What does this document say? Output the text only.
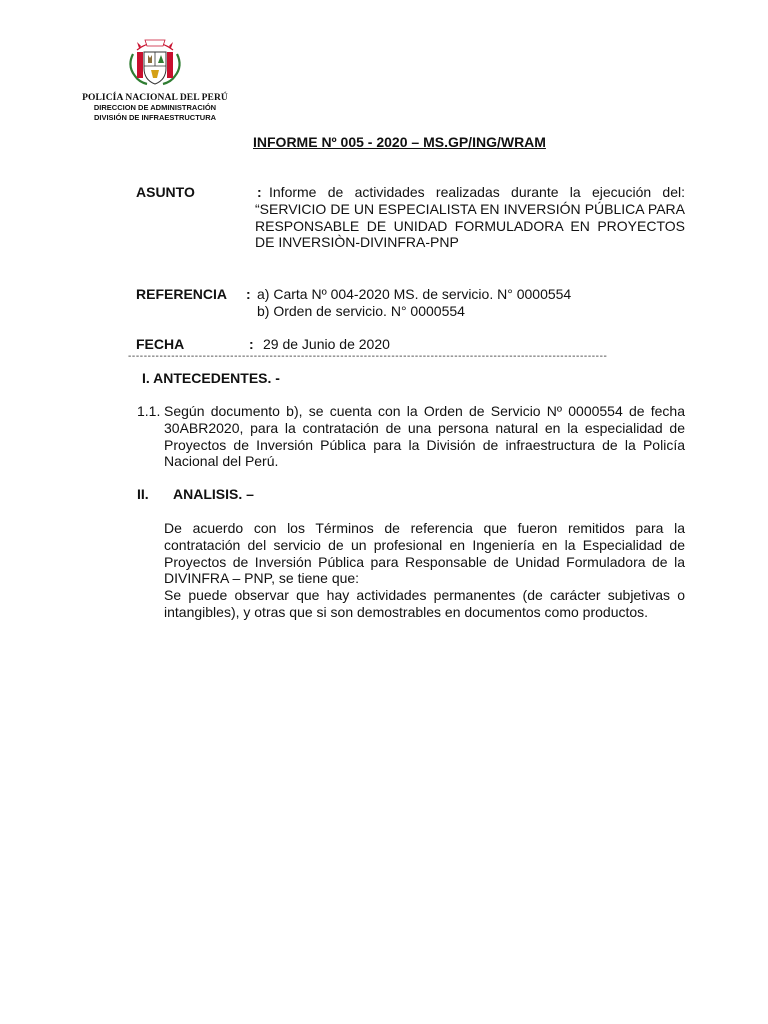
POLICÍA NACIONAL DEL PERÚ
DIRECCION DE ADMINISTRACIÓN
DIVISIÓN DE INFRAESTRUCTURA
INFORME Nº 005 - 2020 – MS.GP/ING/WRAM
ASUNTO	: Informe de actividades realizadas durante la ejecución del: “SERVICIO DE UN ESPECIALISTA EN INVERSIÓN PÚBLICA PARA RESPONSABLE DE UNIDAD FORMULADORA EN PROYECTOS DE INVERSIÒN-DIVINFRA-PNP
REFERENCIA : a) Carta Nº 004-2020 MS. de servicio. N° 0000554
b) Orden de servicio. N° 0000554
FECHA	: 29 de Junio de 2020
--------------------------------------------------------------------------------------------------------------------------
I. ANTECEDENTES. -
1.1. Según documento b), se cuenta con la Orden de Servicio Nº 0000554 de fecha 30ABR2020, para la contratación de una persona natural en la especialidad de Proyectos de Inversión Pública para la División de infraestructura de la Policía Nacional del Perú.
II. ANALISIS. –
De acuerdo con los Términos de referencia que fueron remitidos para la contratación del servicio de un profesional en Ingeniería en la Especialidad de Proyectos de Inversión Pública para Responsable de Unidad Formuladora de la DIVINFRA – PNP, se tiene que:
Se puede observar que hay actividades permanentes (de carácter subjetivas o intangibles), y otras que si son demostrables en documentos como productos.
